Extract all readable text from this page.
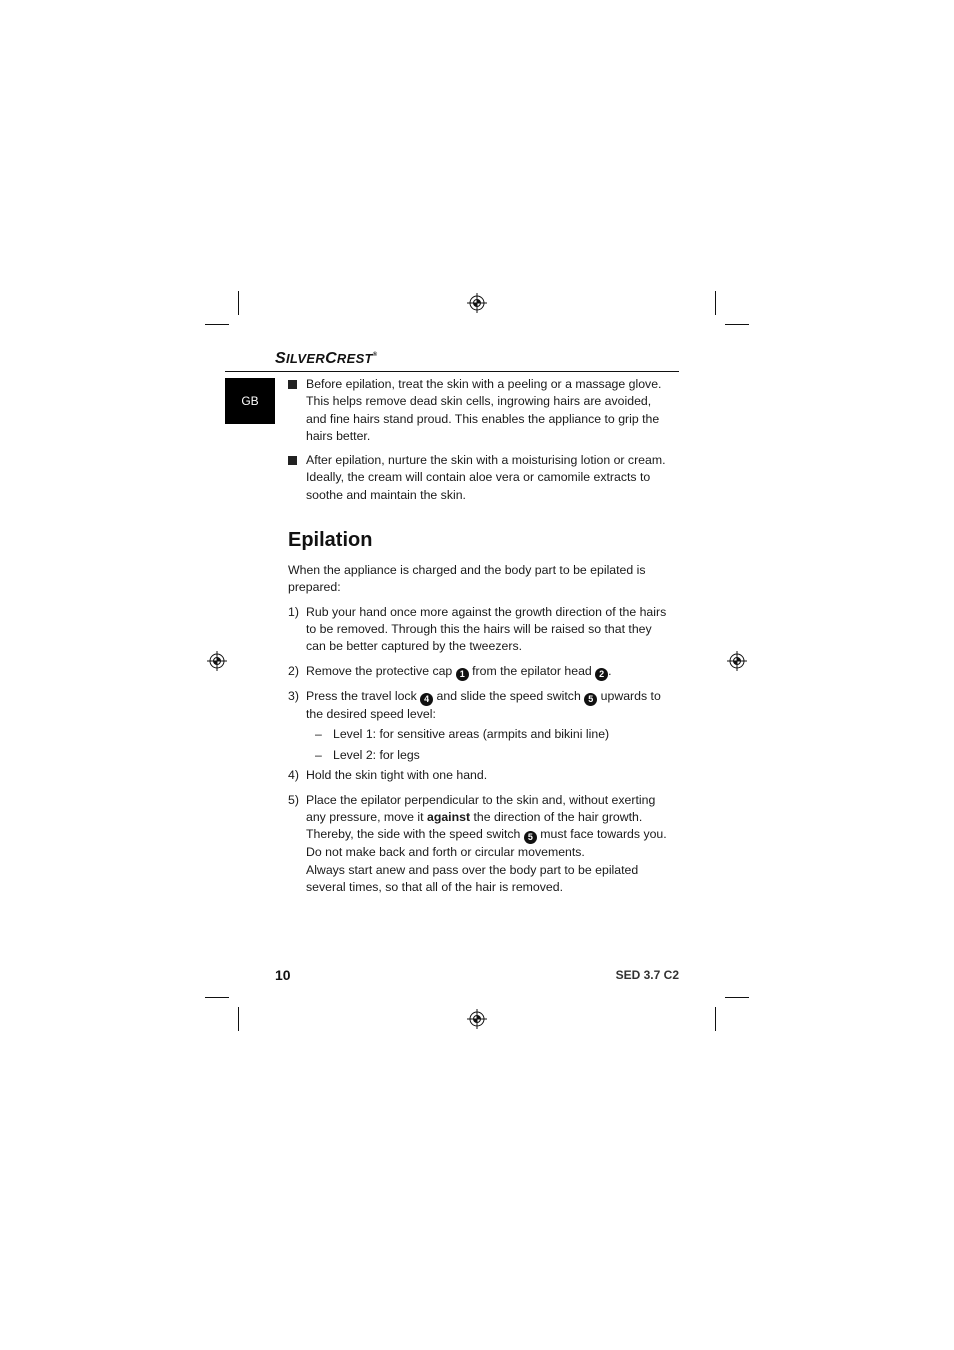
SILVERCREST®
GB
Before epilation, treat the skin with a peeling or a massage glove. This helps remove dead skin cells, ingrowing hairs are avoided, and fine hairs stand proud. This enables the appliance to grip the hairs better.
After epilation, nurture the skin with a moisturising lotion or cream. Ideally, the cream will contain aloe vera or camomile extracts to soothe and maintain the skin.
Epilation

When the appliance is charged and the body part to be epilated is prepared:

1) Rub your hand once more against the growth direction of the hairs to be removed. Through this the hairs will be raised so that they can be better captured by the tweezers.
2) Remove the protective cap 1 from the epilator head 2 .
3) Press the travel lock 4 and slide the speed switch 5 upwards to the desired speed level:
– Level 1: for sensitive areas (armpits and bikini line)
– Level 2: for legs
4) Hold the skin tight with one hand.
5) Place the epilator perpendicular to the skin and, without exerting any pressure, move it against the direction of the hair growth. Thereby, the side with the speed switch 5 must face towards you. Do not make back and forth or circular movements.
Always start anew and pass over the body part to be epilated several times, so that all of the hair is removed.
10	SED 3.7 C2
